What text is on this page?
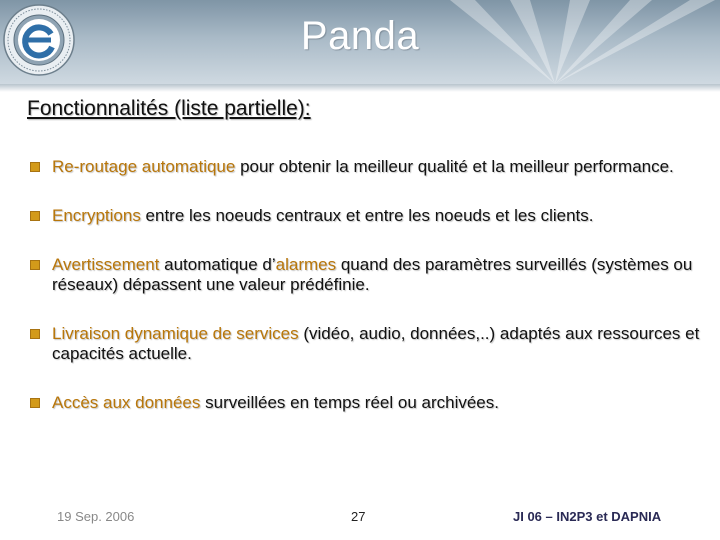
Panda
Fonctionnalités (liste partielle):
Re-routage automatique pour obtenir la meilleur qualité et la meilleur performance.
Encryptions entre les noeuds centraux et entre les noeuds et les clients.
Avertissement automatique d’alarmes quand des paramètres surveillés (systèmes ou réseaux) dépassent une valeur prédéfinie.
Livraison dynamique de services (vidéo, audio, données,..) adaptés aux ressources et capacités actuelle.
Accès aux données surveillées en temps réel ou archivées.
19 Sep. 2006	27	JI 06 – IN2P3 et DAPNIA
